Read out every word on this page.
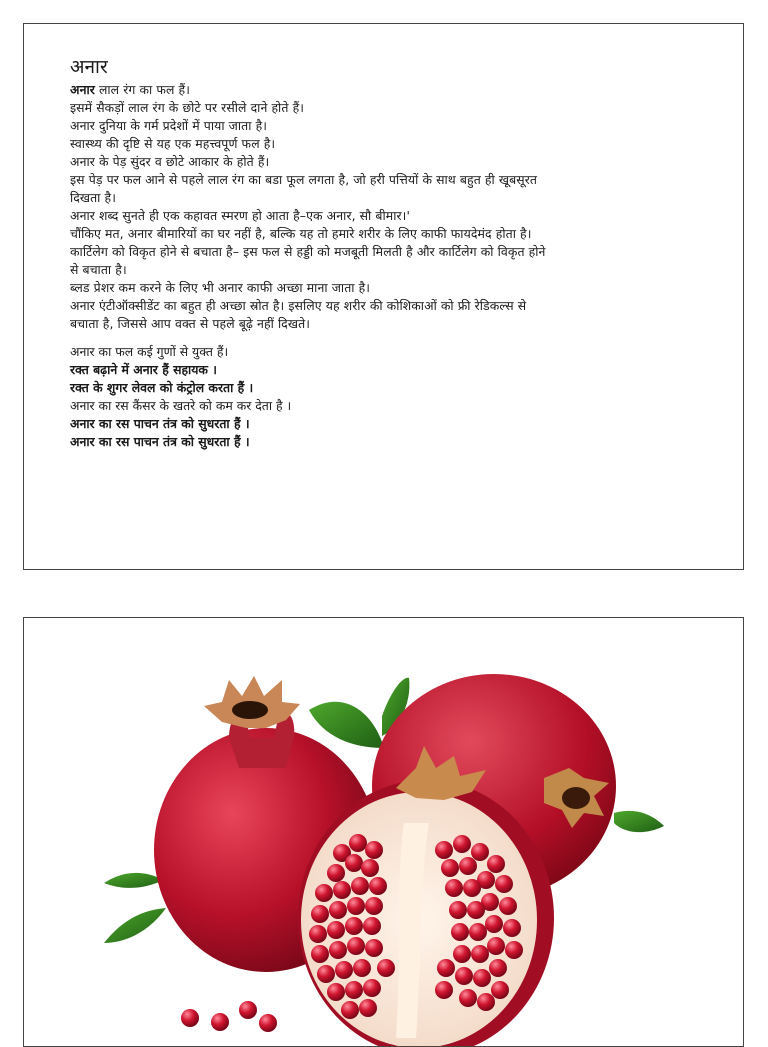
अनार

अनार लाल रंग का फल हैं।

इसमें सैकड़ों लाल रंग के छोटे पर रसीले दाने होते हैं।

अनार दुनिया के गर्म प्रदेशों में पाया जाता है।

स्वास्थ्य की दृष्टि से यह एक महत्त्वपूर्ण फल है।

अनार के पेड़ सुंदर व छोटे आकार के होते हैं।

इस पेड़ पर फल आने से पहले लाल रंग का बडा फूल लगता है, जो हरी पत्तियों के साथ बहुत ही खूबसूरत

दिखता है।

अनार शब्द सुनते ही एक कहावत स्मरण हो आता है–एक अनार, सौ बीमार।'

चौंकिए मत, अनार बीमारियों का घर नहीं है, बल्कि यह तो हमारे शरीर के लिए काफी फायदेमंद होता है।

कार्टिलेग को विकृत होने से बचाता है– इस फल से हड्डी को मजबूती मिलती है और कार्टिलेग को विकृत होने

से बचाता है।

ब्लड प्रेशर कम करने के लिए भी अनार काफी अच्छा माना जाता है।

अनार एंटीऑक्सीडेंट का बहुत ही अच्छा स्रोत है। इसलिए यह शरीर की कोशिकाओं को फ्री रेडिकल्स से

बचाता है, जिससे आप वक्त से पहले बूढ़े नहीं दिखते।

अनार का फल कई गुणों से युक्त हैं।

रक्त बढ़ाने में अनार हैं सहायक ।

रक्त के शुगर लेवल को कंट्रोल करता हैं ।

अनार का रस कैंसर के खतरे को कम कर देता है ।

अनार का रस पाचन तंत्र को सुधरता हैं ।

अनार का रस पाचन तंत्र को सुधरता हैं ।
